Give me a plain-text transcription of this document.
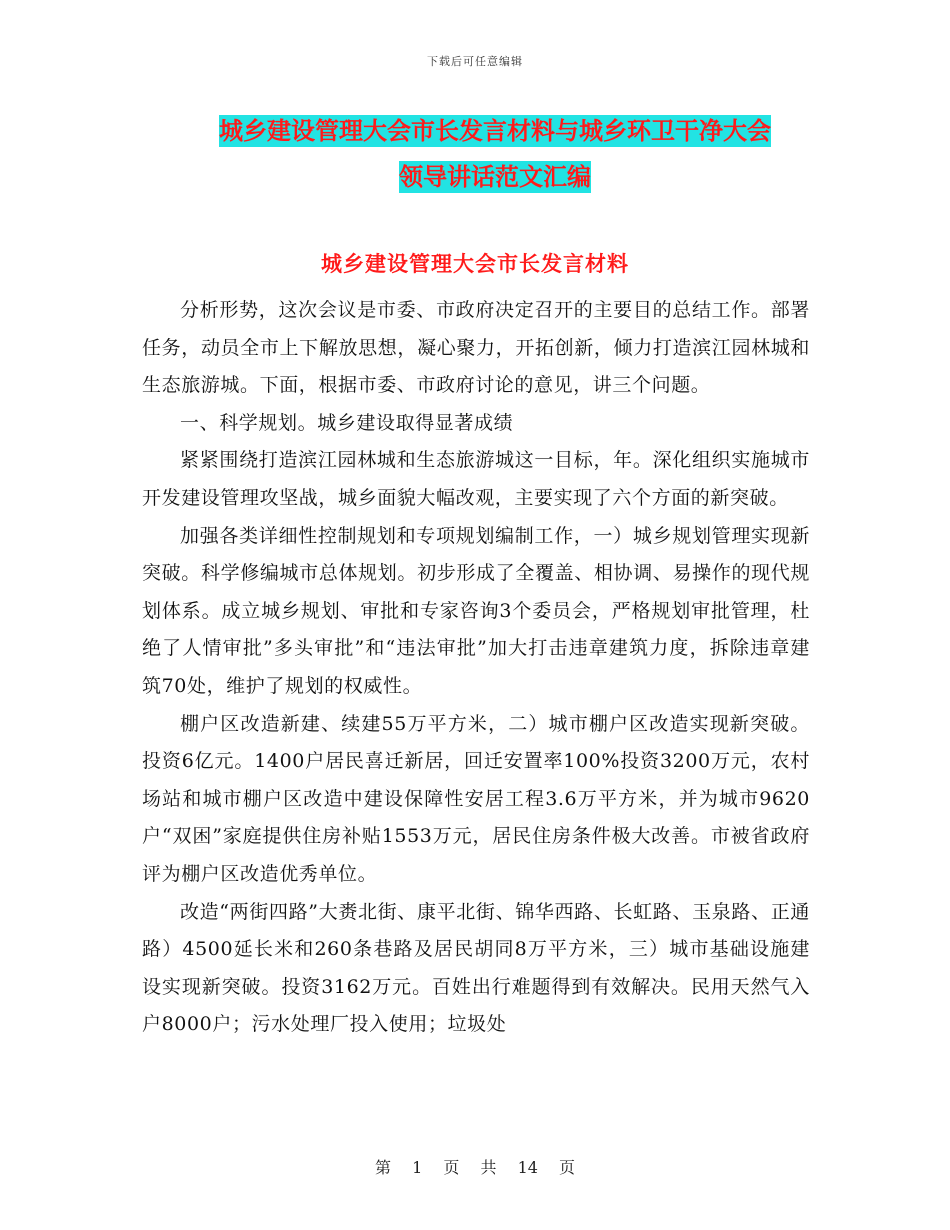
下载后可任意编辑
城乡建设管理大会市长发言材料与城乡环卫干净大会
领导讲话范文汇编
城乡建设管理大会市长发言材料

分析形势，这次会议是市委、市政府决定召开的主要目的总结工作。部署任务，动员全市上下解放思想，凝心聚力，开拓创新，倾力打造滨江园林城和生态旅游城。下面，根据市委、市政府讨论的意见，讲三个问题。

一、科学规划。城乡建设取得显著成绩

紧紧围绕打造滨江园林城和生态旅游城这一目标，年。深化组织实施城市开发建设管理攻坚战，城乡面貌大幅改观，主要实现了六个方面的新突破。

加强各类详细性控制规划和专项规划编制工作，一）城乡规划管理实现新突破。科学修编城市总体规划。初步形成了全覆盖、相协调、易操作的现代规划体系。成立城乡规划、审批和专家咨询3个委员会，严格规划审批管理，杜绝了人情审批”多头审批”和“违法审批”加大打击违章建筑力度，拆除违章建筑70处，维护了规划的权威性。

棚户区改造新建、续建55万平方米，二）城市棚户区改造实现新突破。投资6亿元。1400户居民喜迁新居，回迁安置率100%投资3200万元，农村场站和城市棚户区改造中建设保障性安居工程3.6万平方米，并为城市9620户“双困”家庭提供住房补贴1553万元，居民住房条件极大改善。市被省政府评为棚户区改造优秀单位。

改造“两街四路”大赉北街、康平北街、锦华西路、长虹路、玉泉路、正通路）4500延长米和260条巷路及居民胡同8万平方米，三）城市基础设施建设实现新突破。投资3162万元。百姓出行难题得到有效解决。民用天然气入户8000户；污水处理厂投入使用；垃圾处

第 1 页 共 14 页
